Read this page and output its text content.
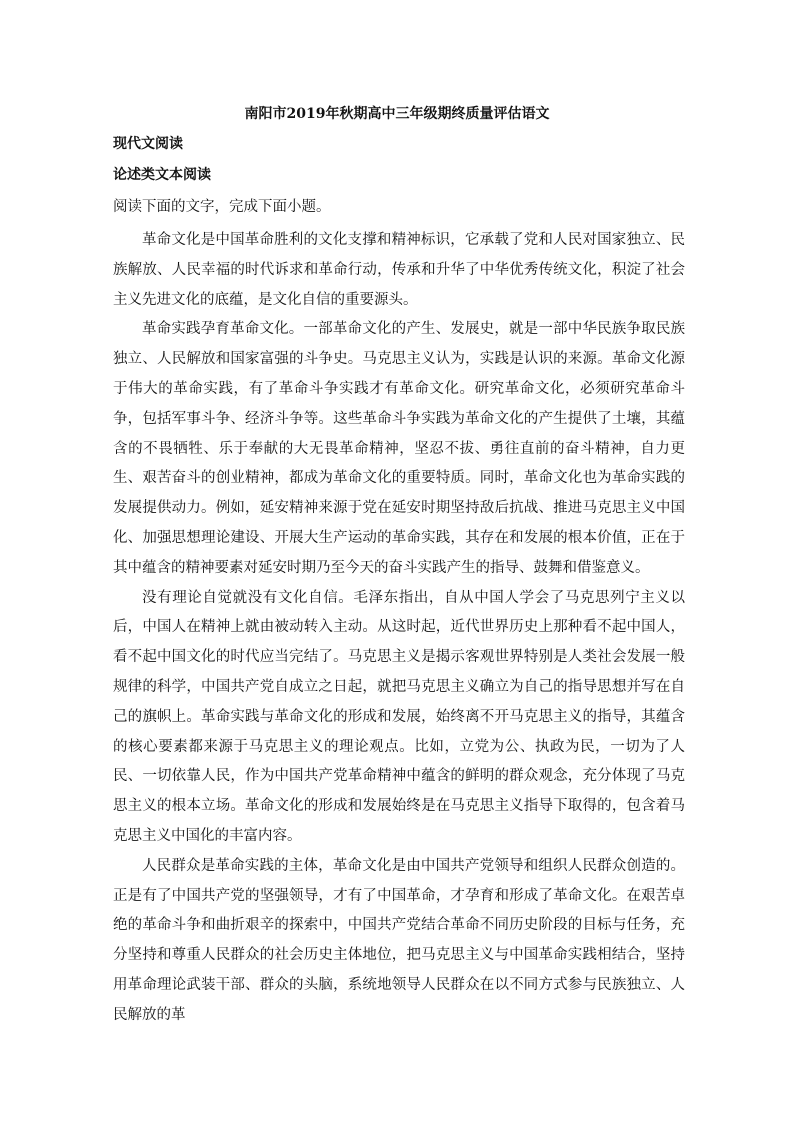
南阳市2019年秋期高中三年级期终质量评估语文
现代文阅读
论述类文本阅读
阅读下面的文字，完成下面小题。

革命文化是中国革命胜利的文化支撑和精神标识，它承载了党和人民对国家独立、民族解放、人民幸福的时代诉求和革命行动，传承和升华了中华优秀传统文化，积淀了社会主义先进文化的底蕴，是文化自信的重要源头。

革命实践孕育革命文化。一部革命文化的产生、发展史，就是一部中华民族争取民族独立、人民解放和国家富强的斗争史。马克思主义认为，实践是认识的来源。革命文化源于伟大的革命实践，有了革命斗争实践才有革命文化。研究革命文化，必须研究革命斗争，包括军事斗争、经济斗争等。这些革命斗争实践为革命文化的产生提供了土壤，其蕴含的不畏牺牲、乐于奉献的大无畏革命精神，坚忍不拔、勇往直前的奋斗精神，自力更生、艰苦奋斗的创业精神，都成为革命文化的重要特质。同时，革命文化也为革命实践的发展提供动力。例如，延安精神来源于党在延安时期坚持敌后抗战、推进马克思主义中国化、加强思想理论建设、开展大生产运动的革命实践，其存在和发展的根本价值，正在于其中蕴含的精神要素对延安时期乃至今天的奋斗实践产生的指导、鼓舞和借鉴意义。

没有理论自觉就没有文化自信。毛泽东指出，自从中国人学会了马克思列宁主义以后，中国人在精神上就由被动转入主动。从这时起，近代世界历史上那种看不起中国人，看不起中国文化的时代应当完结了。马克思主义是揭示客观世界特别是人类社会发展一般规律的科学，中国共产党自成立之日起，就把马克思主义确立为自己的指导思想并写在自己的旗帜上。革命实践与革命文化的形成和发展，始终离不开马克思主义的指导，其蕴含的核心要素都来源于马克思主义的理论观点。比如，立党为公、执政为民，一切为了人民、一切依靠人民，作为中国共产党革命精神中蕴含的鲜明的群众观念，充分体现了马克思主义的根本立场。革命文化的形成和发展始终是在马克思主义指导下取得的，包含着马克思主义中国化的丰富内容。

人民群众是革命实践的主体，革命文化是由中国共产党领导和组织人民群众创造的。正是有了中国共产党的坚强领导，才有了中国革命，才孕育和形成了革命文化。在艰苦卓绝的革命斗争和曲折艰辛的探索中，中国共产党结合革命不同历史阶段的目标与任务，充分坚持和尊重人民群众的社会历史主体地位，把马克思主义与中国革命实践相结合，坚持用革命理论武装干部、群众的头脑，系统地领导人民群众在以不同方式参与民族独立、人民解放的革
